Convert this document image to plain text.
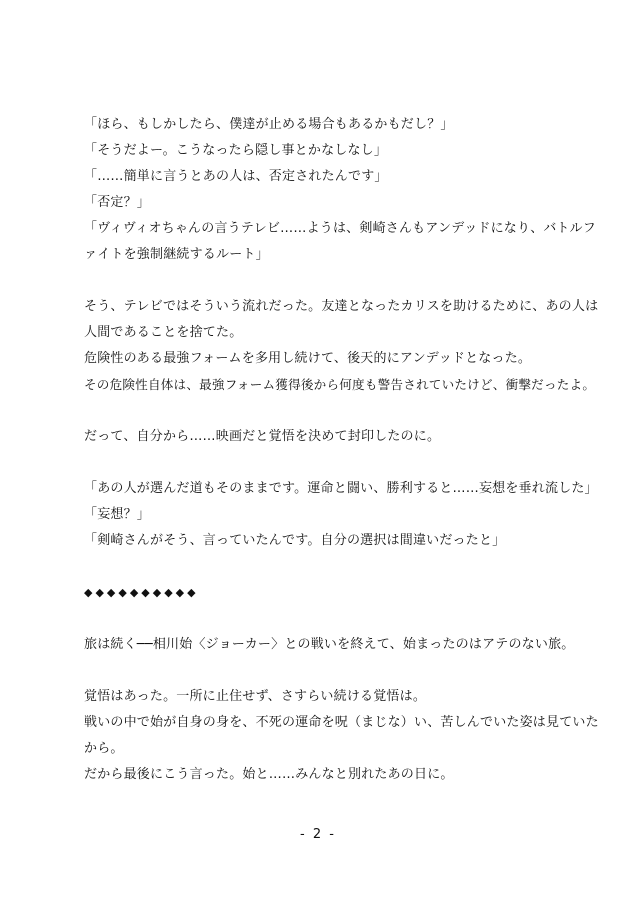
「ほら、もしかしたら、僕達が止める場合もあるかもだし？」
「そうだよー。こうなったら隠し事とかなしなし」
「……簡単に言うとあの人は、否定されたんです」
「否定？」
「ヴィヴィオちゃんの言うテレビ……ようは、剣崎さんもアンデッドになり、バトルフ
ァイトを強制継続するルート」
そう、テレビではそういう流れだった。友達となったカリスを助けるために、あの人は
人間であることを捨てた。
危険性のある最強フォームを多用し続けて、後天的にアンデッドとなった。
その危険性自体は、最強フォーム獲得後から何度も警告されていたけど、衝撃だったよ。
だって、自分から……映画だと覚悟を決めて封印したのに。
「あの人が選んだ道もそのままです。運命と闘い、勝利すると……妄想を垂れ流した」
「妄想？」
「剣崎さんがそう、言っていたんです。自分の選択は間違いだったと」
◆◆◆◆◆◆◆◆◆◆
旅は続く──相川始〈ジョーカー〉との戦いを終えて、始まったのはアテのない旅。
覚悟はあった。一所に止住せず、さすらい続ける覚悟は。
戦いの中で始が自身の身を、不死の運命を呪（まじな）い、苦しんでいた姿は見ていた
から。
だから最後にこう言った。始と……みんなと別れたあの日に。
- 2 -
